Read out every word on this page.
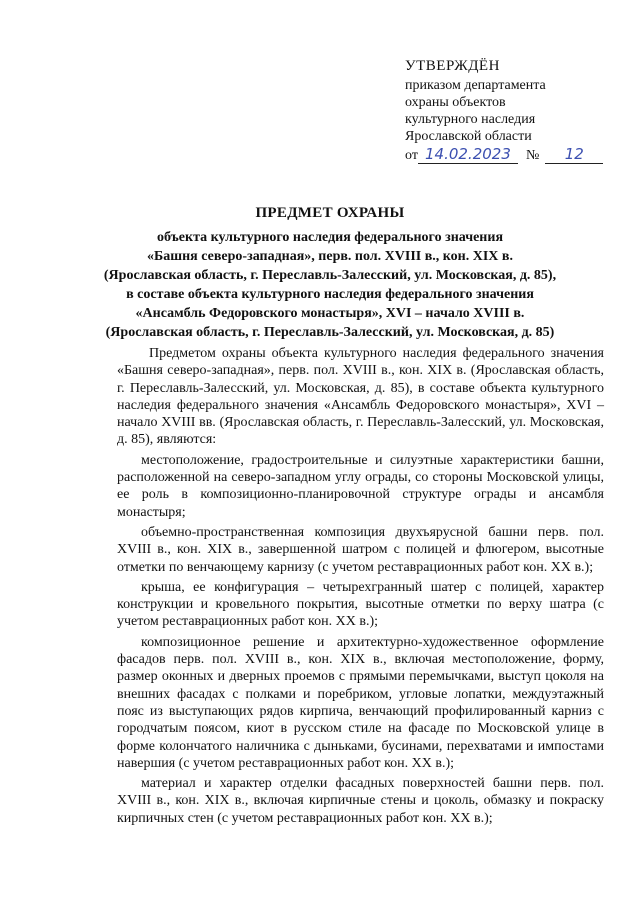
УТВЕРЖДЁН
приказом департамента
охраны объектов
культурного наследия
Ярославской области
от 14.02.2023	№	12
ПРЕДМЕТ ОХРАНЫ
объекта культурного наследия федерального значения
«Башня северо-западная», перв. пол. XVIII в., кон. XIX в.
(Ярославская область, г. Переславль-Залесский, ул. Московская, д. 85),
в составе объекта культурного наследия федерального значения
«Ансамбль Федоровского монастыря», XVI – начало XVIII в.
(Ярославская область, г. Переславль-Залесский, ул. Московская, д. 85)

Предметом охраны объекта культурного наследия федерального значения «Башня северо-западная», перв. пол. XVIII в., кон. XIX в. (Ярославская область, г. Переславль-Залесский, ул. Московская, д. 85), в составе объекта культурного наследия федерального значения «Ансамбль Федоровского монастыря», XVI – начало XVIII вв. (Ярославская область, г. Переславль-Залесский, ул. Московская, д. 85), являются:

местоположение, градостроительные и силуэтные характеристики башни, расположенной на северо-западном углу ограды, со стороны Московской улицы, ее роль в композиционно-планировочной структуре ограды и ансамбля монастыря;

объемно-пространственная композиция двухъярусной башни перв. пол. XVIII в., кон. XIX в., завершенной шатром с полицей и флюгером, высотные отметки по венчающему карнизу (с учетом реставрационных работ кон. XX в.);

крыша, ее конфигурация – четырехгранный шатер с полицей, характер конструкции и кровельного покрытия, высотные отметки по верху шатра (с учетом реставрационных работ кон. XX в.);

композиционное решение и архитектурно-художественное оформление фасадов перв. пол. XVIII в., кон. XIX в., включая местоположение, форму, размер оконных и дверных проемов с прямыми перемычками, выступ цоколя на внешних фасадах с полками и поребриком, угловые лопатки, междуэтажный пояс из выступающих рядов кирпича, венчающий профилированный карниз с городчатым поясом, киот в русском стиле на фасаде по Московской улице в форме колончатого наличника с дыньками, бусинами, перехватами и импостами навершия (с учетом реставрационных работ кон. XX в.);

материал и характер отделки фасадных поверхностей башни перв. пол. XVIII в., кон. XIX в., включая кирпичные стены и цоколь, обмазку и покраску кирпичных стен (с учетом реставрационных работ кон. XX в.);
